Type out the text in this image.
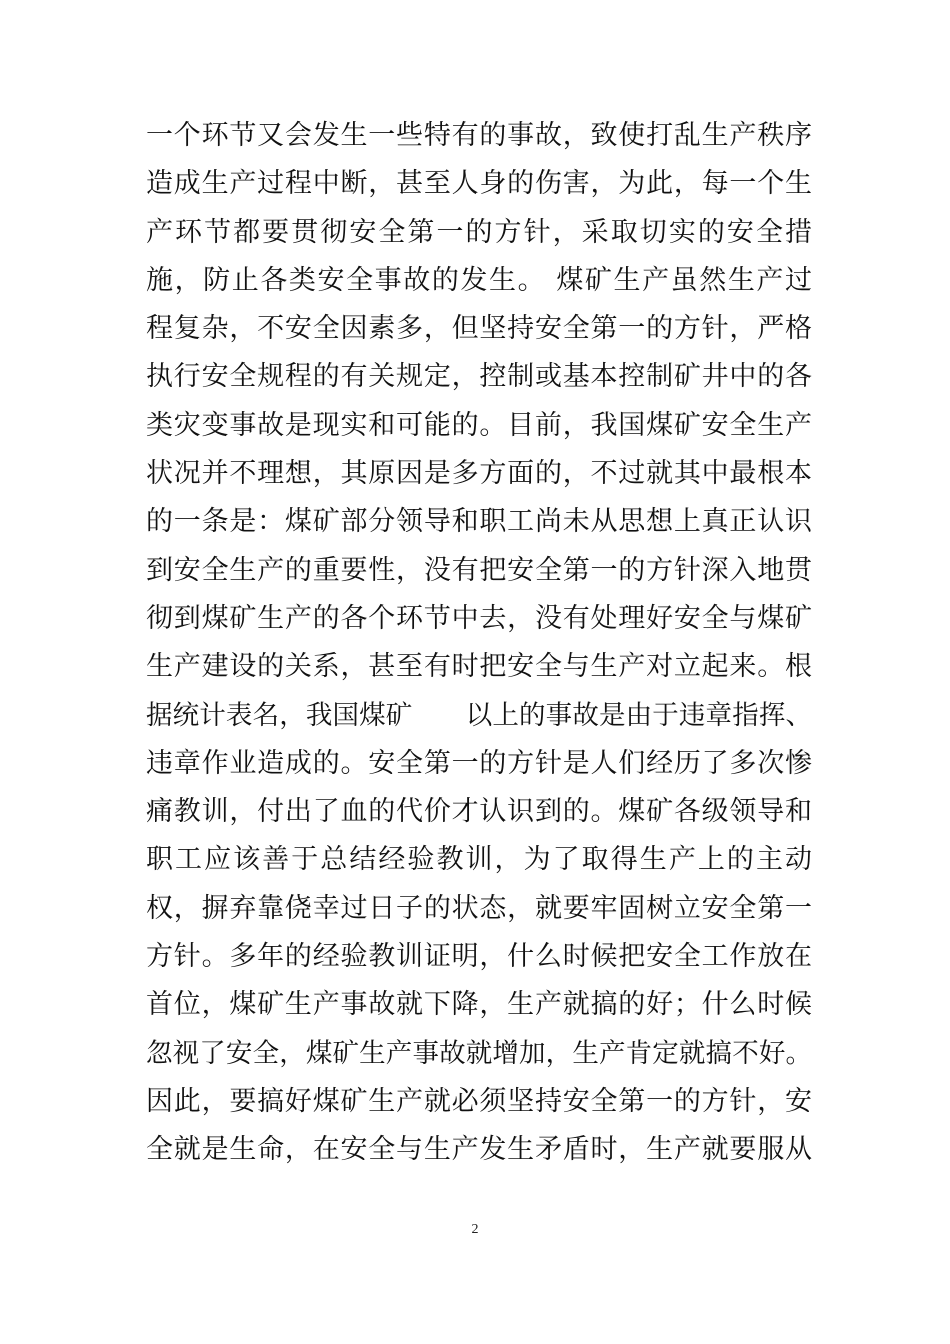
一个环节又会发生一些特有的事故，致使打乱生产秩序
造成生产过程中断，甚至人身的伤害，为此，每一个生
产环节都要贯彻安全第一的方针，采取切实的安全措
施，防止各类安全事故的发生。 煤矿生产虽然生产过
程复杂，不安全因素多，但坚持安全第一的方针，严格
执行安全规程的有关规定，控制或基本控制矿井中的各
类灾变事故是现实和可能的。目前，我国煤矿安全生产
状况并不理想，其原因是多方面的，不过就其中最根本
的一条是：煤矿部分领导和职工尚未从思想上真正认识
到安全生产的重要性，没有把安全第一的方针深入地贯
彻到煤矿生产的各个环节中去，没有处理好安全与煤矿
生产建设的关系，甚至有时把安全与生产对立起来。根
据统计表名，我国煤矿　　以上的事故是由于违章指挥、
违章作业造成的。安全第一的方针是人们经历了多次惨
痛教训，付出了血的代价才认识到的。煤矿各级领导和
职工应该善于总结经验教训，为了取得生产上的主动
权，摒弃靠侥幸过日子的状态，就要牢固树立安全第一
方针。多年的经验教训证明，什么时候把安全工作放在
首位，煤矿生产事故就下降，生产就搞的好；什么时候
忽视了安全，煤矿生产事故就增加，生产肯定就搞不好。
因此，要搞好煤矿生产就必须坚持安全第一的方针，安
全就是生命，在安全与生产发生矛盾时，生产就要服从
2
